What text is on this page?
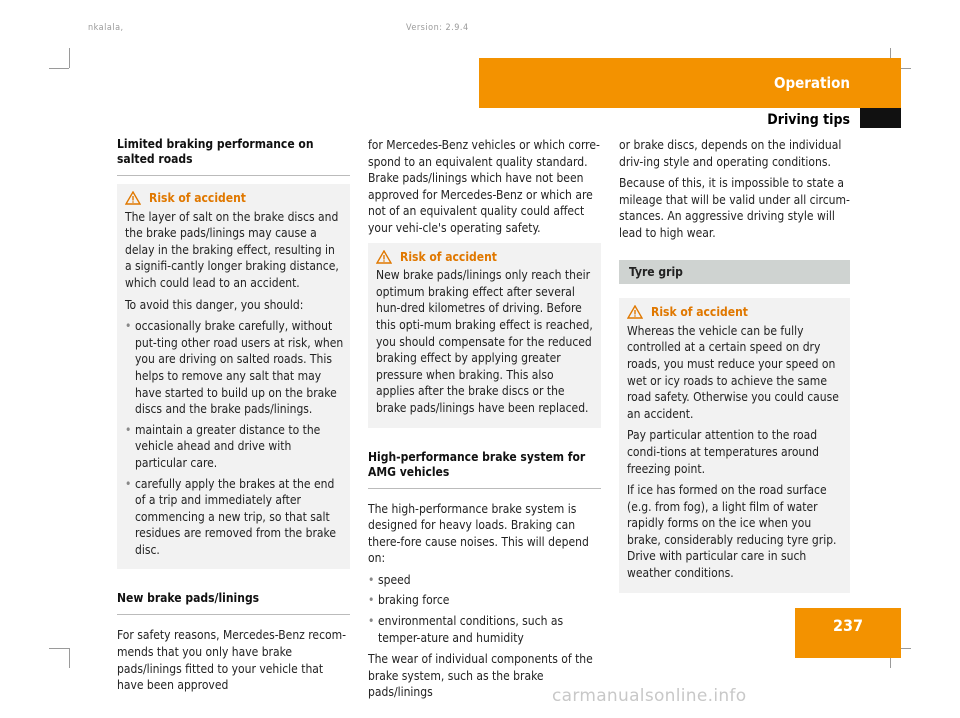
nkalala,	Version: 2.9.4
Operation
Driving tips
Limited braking performance on salted roads
Risk of accident

The layer of salt on the brake discs and the brake pads/linings may cause a delay in the braking effect, resulting in a signifi-cantly longer braking distance, which could lead to an accident.

To avoid this danger, you should:

• occasionally brake carefully, without put-ting other road users at risk, when you are driving on salted roads. This helps to remove any salt that may have started to build up on the brake discs and the brake pads/linings.
• maintain a greater distance to the vehicle ahead and drive with particular care.
• carefully apply the brakes at the end of a trip and immediately after commencing a new trip, so that salt residues are removed from the brake disc.
New brake pads/linings

For safety reasons, Mercedes-Benz recom-mends that you only have brake pads/linings fitted to your vehicle that have been approved

for Mercedes-Benz vehicles or which corre-spond to an equivalent quality standard. Brake pads/linings which have not been approved for Mercedes-Benz or which are not of an equivalent quality could affect your vehi-cle's operating safety.

Risk of accident

New brake pads/linings only reach their optimum braking effect after several hun-dred kilometres of driving. Before this opti-mum braking effect is reached, you should compensate for the reduced braking effect by applying greater pressure when braking. This also applies after the brake discs or the brake pads/linings have been replaced.

High-performance brake system for AMG vehicles

The high-performance brake system is designed for heavy loads. Braking can there-fore cause noises. This will depend on:

• speed
• braking force
• environmental conditions, such as temper-ature and humidity

The wear of individual components of the brake system, such as the brake pads/linings

or brake discs, depends on the individual driv-ing style and operating conditions.

Because of this, it is impossible to state a mileage that will be valid under all circum-stances. An aggressive driving style will lead to high wear.

Tyre grip
Risk of accident

Whereas the vehicle can be fully controlled at a certain speed on dry roads, you must reduce your speed on wet or icy roads to achieve the same road safety. Otherwise you could cause an accident.

Pay particular attention to the road condi-tions at temperatures around freezing point.

If ice has formed on the road surface (e.g. from fog), a light film of water rapidly forms on the ice when you brake, considerably reducing tyre grip. Drive with particular care in such weather conditions.

237
carmanualsonline.info
